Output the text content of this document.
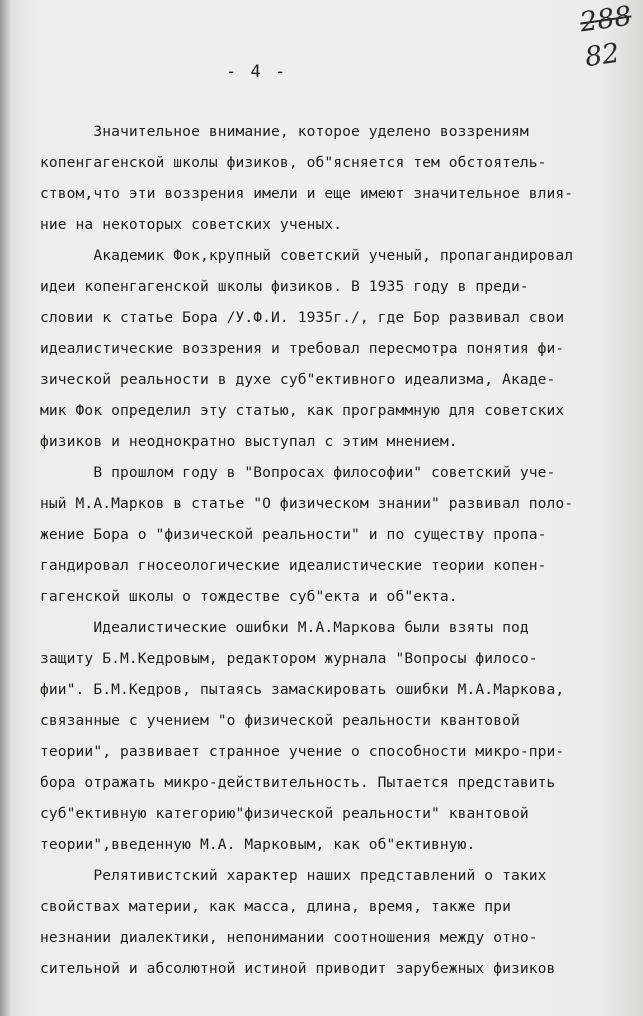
- 4 -
288
82
Значительное внимание, которое уделено воззрениям
копенгагенской школы физиков, об"ясняется тем обстоятель-
ством,что эти воззрения имели и еще имеют значительное влия-
ние на некоторых советских ученых.
Академик Фок,крупный советский ученый, пропагандировал
идеи копенгагенской школы физиков. В 1935 году в преди-
словии к статье Бора /У.Ф.И. 1935г./, где Бор развивал свои
идеалистические воззрения и требовал пересмотра понятия фи-
зической реальности в духе суб"ективного идеализма, Акаде-
мик Фок определил эту статью, как программную для советских
физиков и неоднократно выступал с этим мнением.
В прошлом году в "Вопросах философии" советский уче-
ный М.А.Марков в статье "О физическом знании" развивал поло-
жение Бора о "физической реальности" и по существу пропа-
гандировал гносеологические идеалистические теории копен-
гагенской школы о тождестве суб"екта и об"екта.
Идеалистические ошибки М.А.Маркова были взяты под
защиту Б.М.Кедровым, редактором журнала "Вопросы филосо-
фии". Б.М.Кедров, пытаясь замаскировать ошибки М.А.Маркова,
связанные с учением "о физической реальности квантовой
теории", развивает странное учение о способности микро-при-
бора отражать микро-действительность. Пытается представить
суб"ективную категорию"физической реальности" квантовой
теории",введенную М.А. Марковым, как об"ективную.
Релятивистский характер наших представлений о таких
свойствах материи, как масса, длина, время, также при
незнании диалектики, непонимании соотношения между отно-
сительной и абсолютной истиной приводит зарубежных физиков
